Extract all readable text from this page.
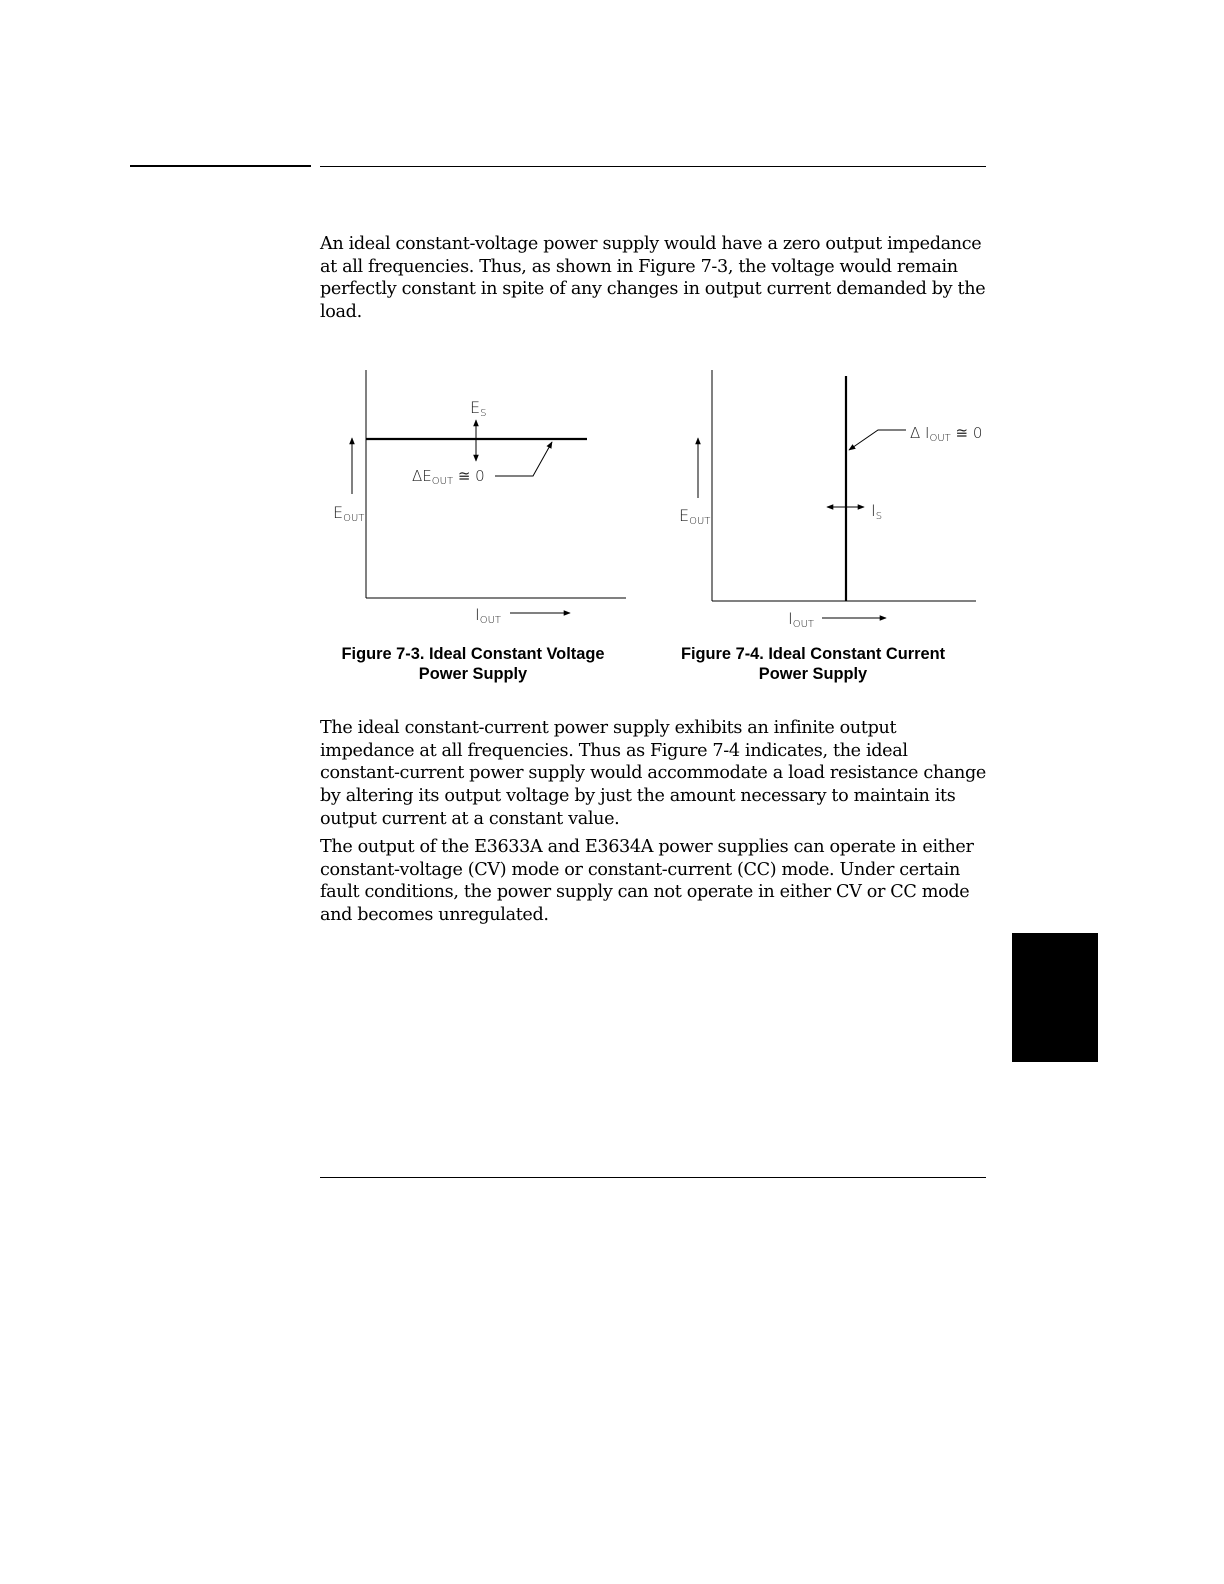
An ideal constant-voltage power supply would have a zero output impedance at all frequencies. Thus, as shown in Figure 7-3, the voltage would remain perfectly constant in spite of any changes in output current demanded by the load.

$E_S$
$\Delta E_{OUT}$ ≅ 0
$E_{OUT}$
$I_{OUT}$
Figure 7-3. Ideal Constant Voltage
Power Supply
Δ $I_{OUT}$ ≅ 0
$I_S$
$E_{OUT}$
$I_{OUT}$
Figure 7-4. Ideal Constant Current
Power Supply

The ideal constant-current power supply exhibits an infinite output impedance at all frequencies. Thus as Figure 7-4 indicates, the ideal constant-current power supply would accommodate a load resistance change by altering its output voltage by just the amount necessary to maintain its output current at a constant value.

The output of the E3633A and E3634A power supplies can operate in either constant-voltage (CV) mode or constant-current (CC) mode. Under certain fault conditions, the power supply can not operate in either CV or CC mode and becomes unregulated.
